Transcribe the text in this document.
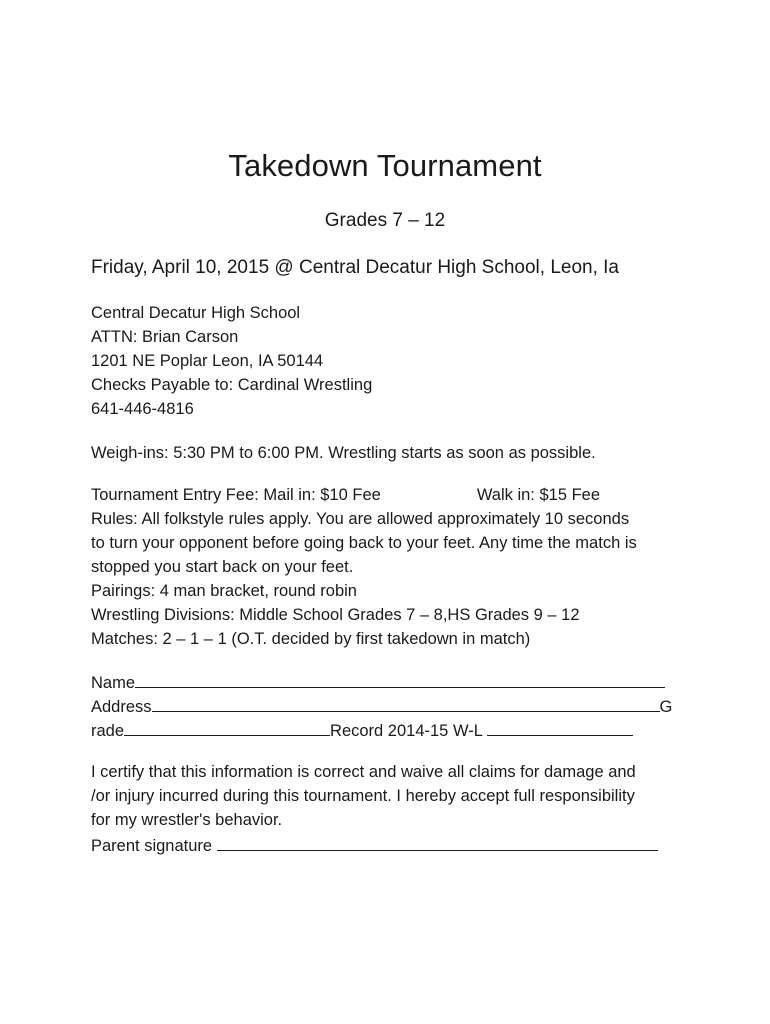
Takedown Tournament
Grades 7 – 12
Friday, April 10, 2015 @ Central Decatur High School, Leon, Ia
Central Decatur High School
ATTN: Brian Carson
1201 NE Poplar Leon, IA 50144
Checks Payable to: Cardinal Wrestling
641-446-4816
Weigh-ins: 5:30 PM to 6:00 PM. Wrestling starts as soon as possible.
Tournament Entry Fee: Mail in: $10 Fee	Walk in: $15 Fee
Rules: All folkstyle rules apply. You are allowed approximately 10 seconds
to turn your opponent before going back to your feet. Any time the match is
stopped you start back on your feet.
Pairings: 4 man bracket, round robin
Wrestling Divisions: Middle School Grades 7 – 8,HS Grades 9 – 12
Matches: 2 – 1 – 1 (O.T. decided by first takedown in match)
Name
Address	G
rade	Record 2014-15 W-L
I certify that this information is correct and waive all claims for damage and
/or injury incurred during this tournament. I hereby accept full responsibility
for my wrestler's behavior.
Parent signature
